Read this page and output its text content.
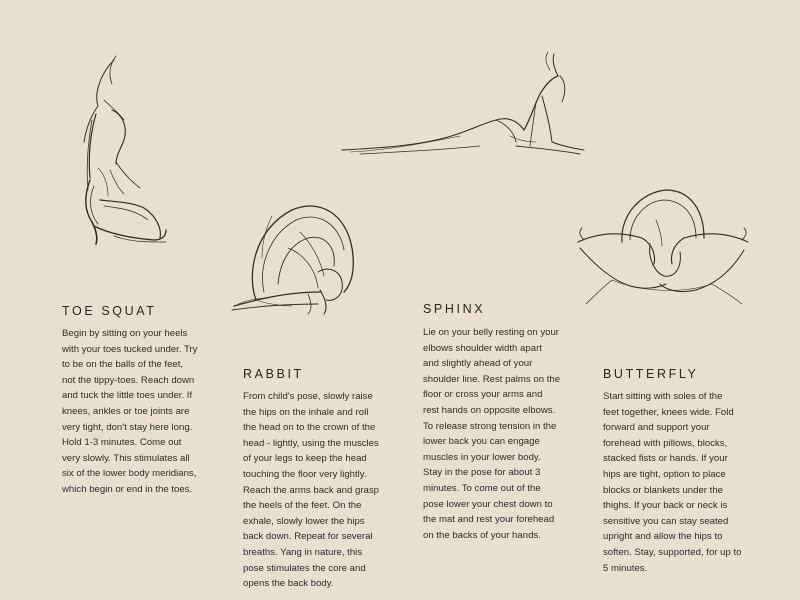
TOE SQUAT
Begin by sitting on your heels
with your toes tucked under. Try
to be on the balls of the feet,
not the tippy-toes. Reach down
and tuck the little toes under. If
knees, ankles or toe joints are
very tight, don't stay here long.
Hold 1-3 minutes. Come out
very slowly. This stimulates all
six of the lower body meridians,
which begin or end in the toes.
RABBIT
From child's pose, slowly raise
the hips on the inhale and roll
the head on to the crown of the
head - lightly, using the muscles
of your legs to keep the head
touching the floor very lightly.
Reach the arms back and grasp
the heels of the feet. On the
exhale, slowly lower the hips
back down. Repeat for several
breaths. Yang in nature, this
pose stimulates the core and
opens the back body.
SPHINX
Lie on your belly resting on your
elbows shoulder width apart
and slightly ahead of your
shoulder line. Rest palms on the
floor or cross your arms and
rest hands on opposite elbows.
To release strong tension in the
lower back you can engage
muscles in your lower body.
Stay in the pose for about 3
minutes. To come out of the
pose lower your chest down to
the mat and rest your forehead
on the backs of your hands.
BUTTERFLY
Start sitting with soles of the
feet together, knees wide. Fold
forward and support your
forehead with pillows, blocks,
stacked fists or hands. If your
hips are tight, option to place
blocks or blankets under the
thighs. If your back or neck is
sensitive you can stay seated
upright and allow the hips to
soften. Stay, supported, for up to
5 minutes.
